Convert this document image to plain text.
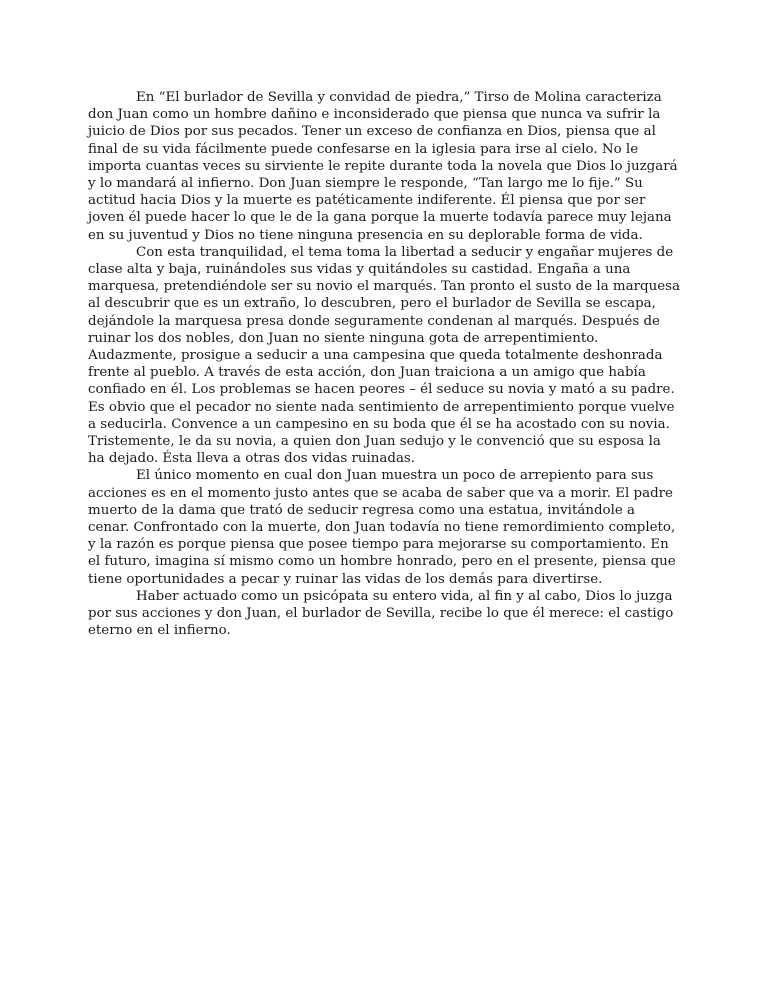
En “El burlador de Sevilla y convidad de piedra,” Tirso de Molina caracteriza don Juan como un hombre dañino e inconsiderado que piensa que nunca va sufrir la juicio de Dios por sus pecados. Tener un exceso de confianza en Dios, piensa que al final de su vida fácilmente puede confesarse en la iglesia para irse al cielo. No le importa cuantas veces su sirviente le repite durante toda la novela que Dios lo juzgará y lo mandará al infierno. Don Juan siempre le responde, “Tan largo me lo fije.” Su actitud hacia Dios y la muerte es patéticamente indiferente. Él piensa que por ser joven él puede hacer lo que le de la gana porque la muerte todavía parece muy lejana en su juventud y Dios no tiene ninguna presencia en su deplorable forma de vida.

Con esta tranquilidad, el tema toma la libertad a seducir y engañar mujeres de clase alta y baja, ruinándoles sus vidas y quitándoles su castidad. Engaña a una marquesa, pretendiéndole ser su novio el marqués. Tan pronto el susto de la marquesa al descubrir que es un extraño, lo descubren, pero el burlador de Sevilla se escapa, dejándole la marquesa presa donde seguramente condenan al marqués. Después de ruinar los dos nobles, don Juan no siente ninguna gota de arrepentimiento. Audazmente, prosigue a seducir a una campesina que queda totalmente deshonrada frente al pueblo. A través de esta acción, don Juan traiciona a un amigo que había confiado en él. Los problemas se hacen peores – él seduce su novia y mató a su padre. Es obvio que el pecador no siente nada sentimiento de arrepentimiento porque vuelve a seducirla. Convence a un campesino en su boda que él se ha acostado con su novia. Tristemente, le da su novia, a quien don Juan sedujo y le convenció que su esposa la ha dejado. Ésta lleva a otras dos vidas ruinadas.

El único momento en cual don Juan muestra un poco de arrepiento para sus acciones es en el momento justo antes que se acaba de saber que va a morir. El padre muerto de la dama que trató de seducir regresa como una estatua, invitándole a cenar. Confrontado con la muerte, don Juan todavía no tiene remordimiento completo, y la razón es porque piensa que posee tiempo para mejorarse su comportamiento. En el futuro, imagina sí mismo como un hombre honrado, pero en el presente, piensa que tiene oportunidades a pecar y ruinar las vidas de los demás para divertirse.

Haber actuado como un psicópata su entero vida, al fin y al cabo, Dios lo juzga por sus acciones y don Juan, el burlador de Sevilla, recibe lo que él merece: el castigo eterno en el infierno.
